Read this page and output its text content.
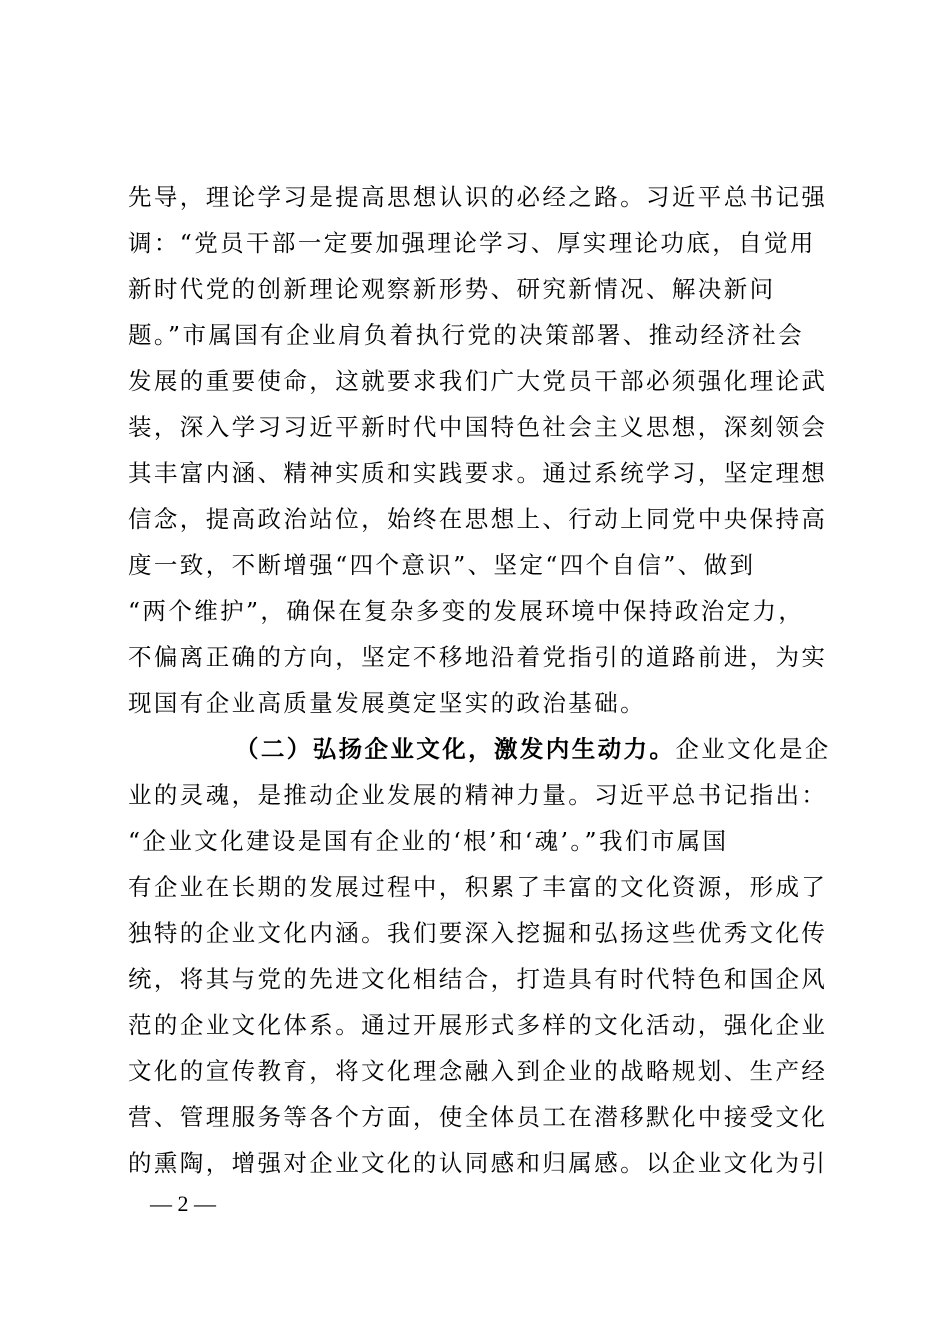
先导，理论学习是提高思想认识的必经之路。习近平总书记强
调：“党员干部一定要加强理论学习、厚实理论功底，自觉用
新时代党的创新理论观察新形势、研究新情况、解决新问
题。”市属国有企业肩负着执行党的决策部署、推动经济社会
发展的重要使命，这就要求我们广大党员干部必须强化理论武
装，深入学习习近平新时代中国特色社会主义思想，深刻领会
其丰富内涵、精神实质和实践要求。通过系统学习，坚定理想
信念，提高政治站位，始终在思想上、行动上同党中央保持高
度一致，不断增强“四个意识”、坚定“四个自信”、做到
“两个维护”，确保在复杂多变的发展环境中保持政治定力，
不偏离正确的方向，坚定不移地沿着党指引的道路前进，为实
现国有企业高质量发展奠定坚实的政治基础。
（二）弘扬企业文化，激发内生动力。企业文化是企
业的灵魂，是推动企业发展的精神力量。习近平总书记指出：
“企业文化建设是国有企业的‘根’和‘魂’。”我们市属国
有企业在长期的发展过程中，积累了丰富的文化资源，形成了
独特的企业文化内涵。我们要深入挖掘和弘扬这些优秀文化传
统，将其与党的先进文化相结合，打造具有时代特色和国企风
范的企业文化体系。通过开展形式多样的文化活动，强化企业
文化的宣传教育，将文化理念融入到企业的战略规划、生产经
营、管理服务等各个方面，使全体员工在潜移默化中接受文化
的熏陶，增强对企业文化的认同感和归属感。以企业文化为引
— 2 —
